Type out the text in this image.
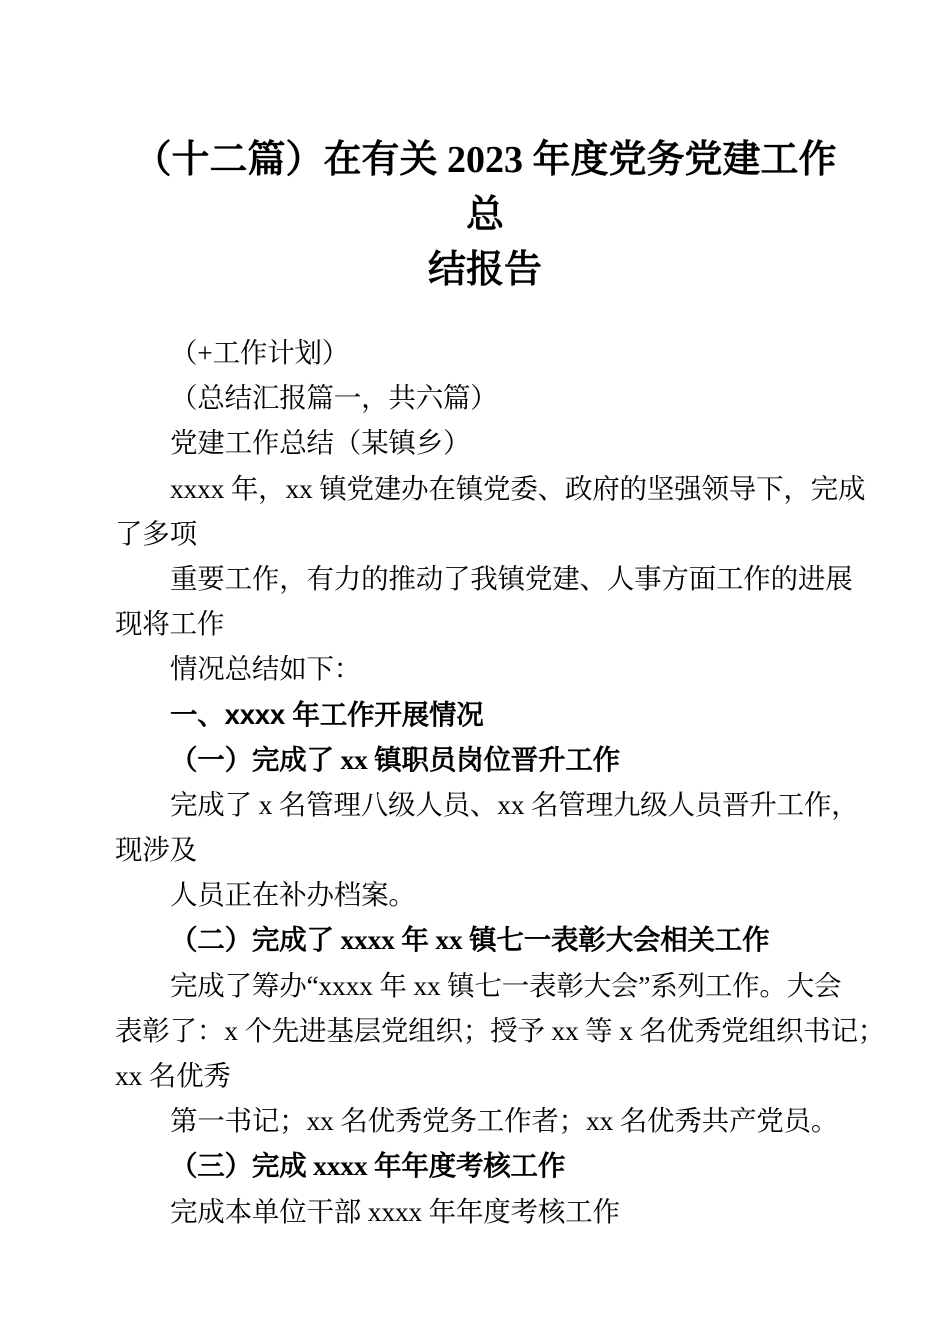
（十二篇）在有关 2023 年度党务党建工作总
结报告
（+工作计划）
（总结汇报篇一，共六篇）
党建工作总结（某镇乡）
xxxx 年，xx 镇党建办在镇党委、政府的坚强领导下，完成
了多项
重要工作，有力的推动了我镇党建、人事方面工作的进展
现将工作
情况总结如下：
一、xxxx 年工作开展情况
（一）完成了 xx 镇职员岗位晋升工作
完成了 x 名管理八级人员、xx 名管理九级人员晋升工作，
现涉及
人员正在补办档案。
（二）完成了 xxxx 年 xx 镇七一表彰大会相关工作
完成了筹办“xxxx 年 xx 镇七一表彰大会”系列工作。大会
表彰了：x 个先进基层党组织；授予 xx 等 x 名优秀党组织书记；
xx 名优秀
第一书记；xx 名优秀党务工作者；xx 名优秀共产党员。
（三）完成 xxxx 年年度考核工作
完成本单位干部 xxxx 年年度考核工作
